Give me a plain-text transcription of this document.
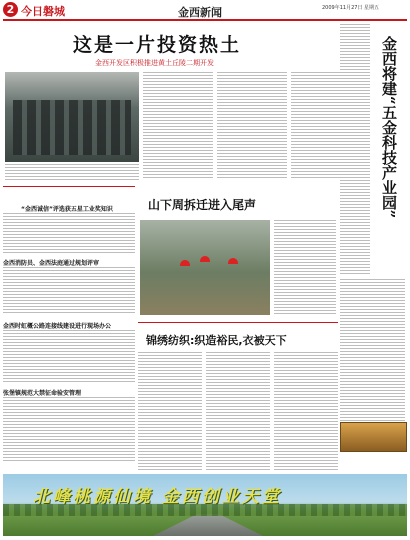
2 今日磐城	金西新闻	2009年11月27日 星期五
这是一片投资热土
金西开发区积极推进黄土丘陵二期开发	金西将建“五金科技产业园”
“金西诚信”评选获五星工业奖知识
金西消防员、金西法庭通过规划评审
金西时虹概公路连接线建设进行现场办公
张堡镇规范大禁征命验安管理
山下周拆迁进入尾声
锦绣纺织:织造裕民,衣被天下
北峰桃源仙境 金西创业天堂
